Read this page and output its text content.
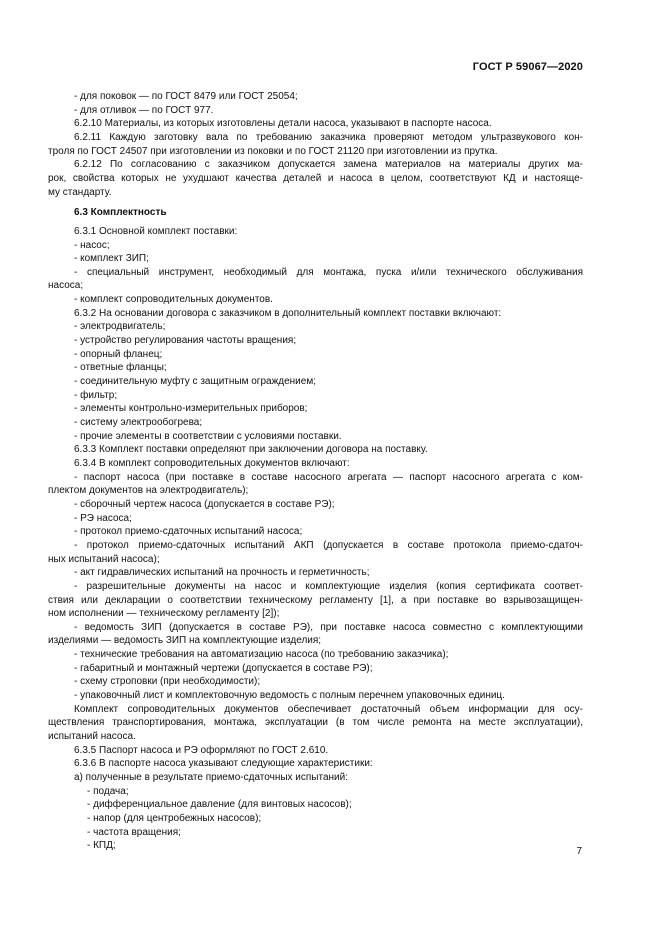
ГОСТ Р 59067—2020
- для поковок — по ГОСТ 8479 или ГОСТ 25054;
- для отливок — по ГОСТ 977.
6.2.10 Материалы, из которых изготовлены детали насоса, указывают в паспорте насоса.
6.2.11 Каждую заготовку вала по требованию заказчика проверяют методом ультразвукового кон-
троля по ГОСТ 24507 при изготовлении из поковки и по ГОСТ 21120 при изготовлении из прутка.
6.2.12 По согласованию с заказчиком допускается замена материалов на материалы других ма-
рок, свойства которых не ухудшают качества деталей и насоса в целом, соответствуют КД и настояще-
му стандарту.
6.3 Комплектность
6.3.1 Основной комплект поставки:
- насос;
- комплект ЗИП;
- специальный инструмент, необходимый для монтажа, пуска и/или технического обслуживания
насоса;
- комплект сопроводительных документов.
6.3.2 На основании договора с заказчиком в дополнительный комплект поставки включают:
- электродвигатель;
- устройство регулирования частоты вращения;
- опорный фланец;
- ответные фланцы;
- соединительную муфту с защитным ограждением;
- фильтр;
- элементы контрольно-измерительных приборов;
- систему электрообогрева;
- прочие элементы в соответствии с условиями поставки.
6.3.3 Комплект поставки определяют при заключении договора на поставку.
6.3.4 В комплект сопроводительных документов включают:
- паспорт насоса (при поставке в составе насосного агрегата — паспорт насосного агрегата с ком-
плектом документов на электродвигатель);
- сборочный чертеж насоса (допускается в составе РЭ);
- РЭ насоса;
- протокол приемо-сдаточных испытаний насоса;
- протокол приемо-сдаточных испытаний АКП (допускается в составе протокола приемо-сдаточ-
ных испытаний насоса);
- акт гидравлических испытаний на прочность и герметичность;
- разрешительные документы на насос и комплектующие изделия (копия сертификата соответ-
ствия или декларации о соответствии техническому регламенту [1], а при поставке во взрывозащищен-
ном исполнении — техническому регламенту [2]);
- ведомость ЗИП (допускается в составе РЭ), при поставке насоса совместно с комплектующими
изделиями — ведомость ЗИП на комплектующие изделия;
- технические требования на автоматизацию насоса (по требованию заказчика);
- габаритный и монтажный чертежи (допускается в составе РЭ);
- схему строповки (при необходимости);
- упаковочный лист и комплектовочную ведомость с полным перечнем упаковочных единиц.
Комплект сопроводительных документов обеспечивает достаточный объем информации для осу-
ществления транспортирования, монтажа, эксплуатации (в том числе ремонта на месте эксплуатации),
испытаний насоса.
6.3.5 Паспорт насоса и РЭ оформляют по ГОСТ 2.610.
6.3.6 В паспорте насоса указывают следующие характеристики:
а) полученные в результате приемо-сдаточных испытаний:
- подача;
- дифференциальное давление (для винтовых насосов);
- напор (для центробежных насосов);
- частота вращения;
- КПД;
7
